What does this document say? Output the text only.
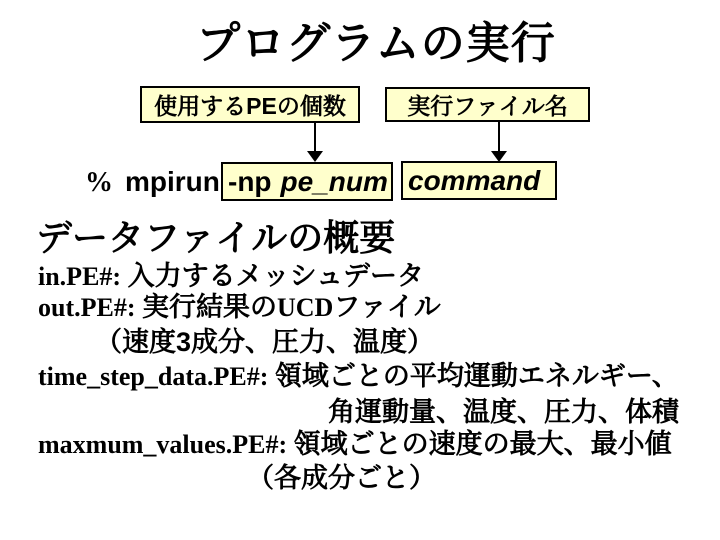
プログラムの実行
使用するPEの個数	実行ファイル名
% mpirun -np pe_num command
データファイルの概要
in.PE#: 入力するメッシュデータ
out.PE#: 実行結果のUCDファイル
（速度3成分、圧力、温度）
time_step_data.PE#: 領域ごとの平均運動エネルギー、
角運動量、温度、圧力、体積
maxmum_values.PE#: 領域ごとの速度の最大、最小値
（各成分ごと）
